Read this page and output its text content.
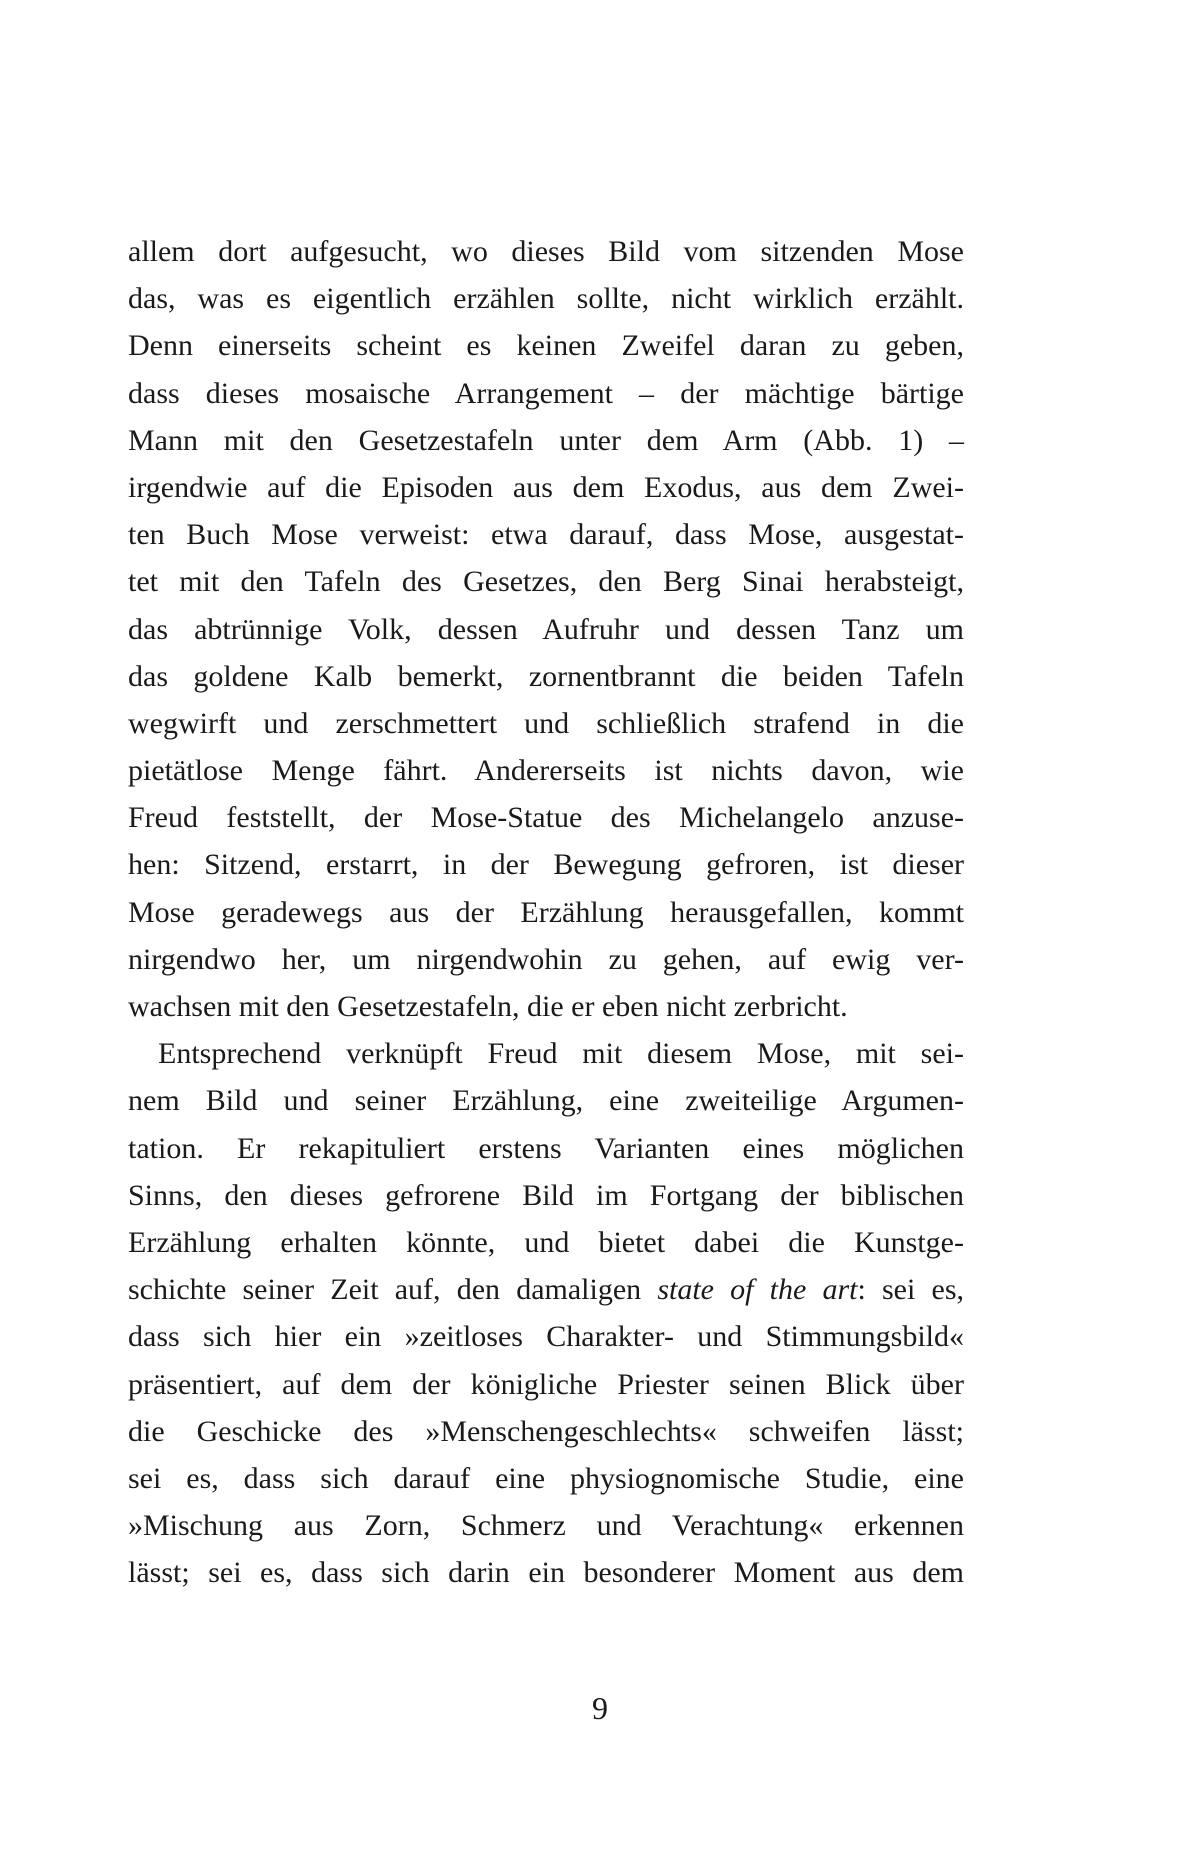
allem dort aufgesucht, wo dieses Bild vom sitzenden Mose
das, was es eigentlich erzählen sollte, nicht wirklich erzählt.
Denn einerseits scheint es keinen Zweifel daran zu geben,
dass dieses mosaische Arrangement – der mächtige bärtige
Mann mit den Gesetzestafeln unter dem Arm (Abb. 1) –
irgendwie auf die Episoden aus dem Exodus, aus dem Zwei-
ten Buch Mose verweist: etwa darauf, dass Mose, ausgestat-
tet mit den Tafeln des Gesetzes, den Berg Sinai herabsteigt,
das abtrünnige Volk, dessen Aufruhr und dessen Tanz um
das goldene Kalb bemerkt, zornentbrannt die beiden Tafeln
wegwirft und zerschmettert und schließlich strafend in die
pietätlose Menge fährt. Andererseits ist nichts davon, wie
Freud feststellt, der Mose-Statue des Michelangelo anzuse-
hen: Sitzend, erstarrt, in der Bewegung gefroren, ist dieser
Mose geradewegs aus der Erzählung herausgefallen, kommt
nirgendwo her, um nirgendwohin zu gehen, auf ewig ver-
wachsen mit den Gesetzestafeln, die er eben nicht zerbricht.
Entsprechend verknüpft Freud mit diesem Mose, mit sei-
nem Bild und seiner Erzählung, eine zweiteilige Argumen-
tation. Er rekapituliert erstens Varianten eines möglichen
Sinns, den dieses gefrorene Bild im Fortgang der biblischen
Erzählung erhalten könnte, und bietet dabei die Kunstge-
schichte seiner Zeit auf, den damaligen state of the art: sei es,
dass sich hier ein »zeitloses Charakter- und Stimmungsbild«
präsentiert, auf dem der königliche Priester seinen Blick über
die Geschicke des »Menschengeschlechts« schweifen lässt;
sei es, dass sich darauf eine physiognomische Studie, eine
»Mischung aus Zorn, Schmerz und Verachtung« erkennen
lässt; sei es, dass sich darin ein besonderer Moment aus dem
9
